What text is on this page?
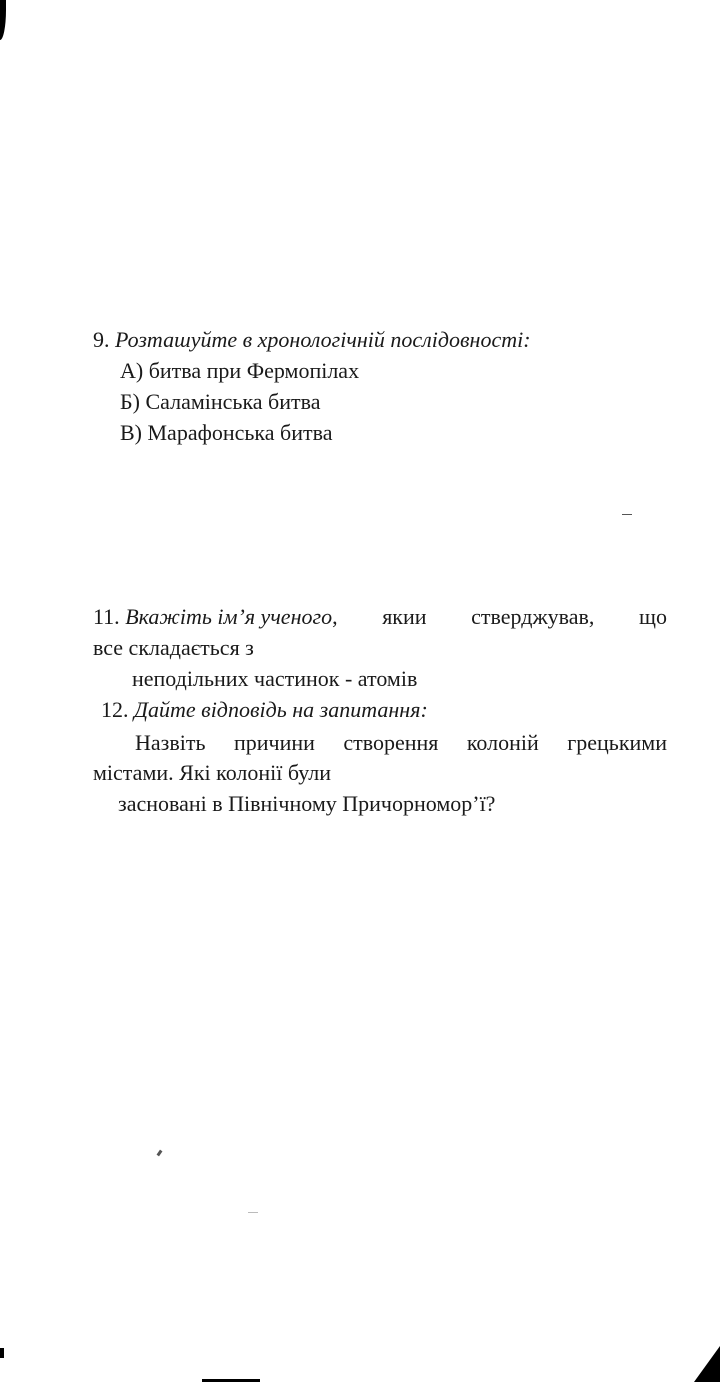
9. Розташуйте в хронологічній послідовності:
А) битва при Фермопілах
Б) Саламінська битва
В) Марафонська битва
11. Вкажіть ім’я ученого, якии стверджував, що
все складається з
неподільних частинок - атомів
12. Дайте відповідь на запитання:
Назвіть причини створення колоній грецькими
містами. Які колонії були
засновані в Північному Причорномор’ї?
